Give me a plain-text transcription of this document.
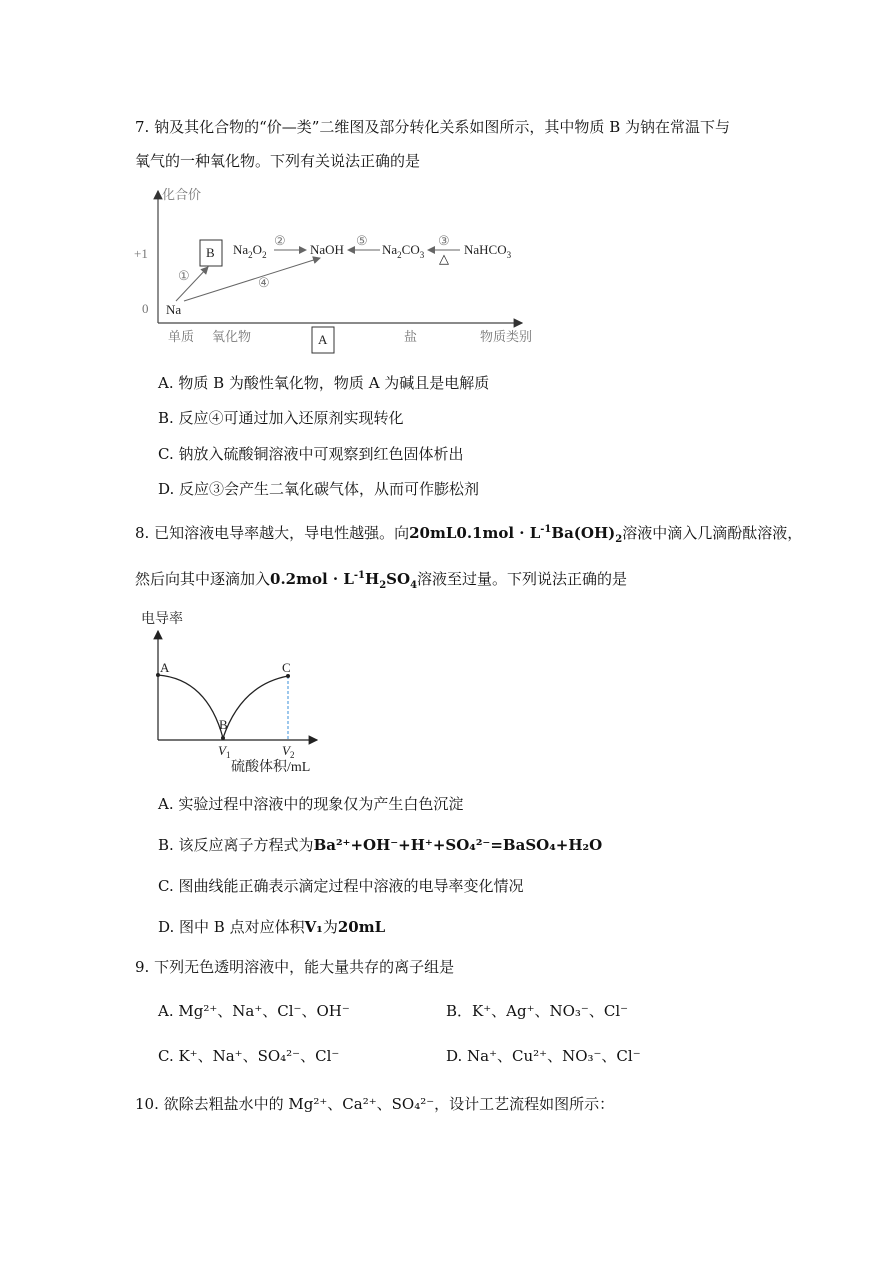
7. 钠及其化合物的“价—类”二维图及部分转化关系如图所示，其中物质 B 为钠在常温下与
氧气的一种氧化物。下列有关说法正确的是
化合价
+1
0
单质 氧化物	A	盐	物质类别
Na
B $Na_2O_2$	NaOH	$Na_2CO_3$	NaHCO$_3$
①
②
④
⑤	③
△
A. 物质 B 为酸性氧化物，物质 A 为碱且是电解质
B. 反应④可通过加入还原剂实现转化
C. 钠放入硫酸铜溶液中可观察到红色固体析出
D. 反应③会产生二氧化碳气体，从而可作膨松剂
8. 已知溶液电导率越大，导电性越强。向$20mL0.1mol \cdot L^{-1}Ba(OH)_2$溶液中滴入几滴酚酞溶液，
然后向其中逐滴加入$0.2mol \cdot L^{-1}H_2SO_4$溶液至过量。下列说法正确的是
电导率
A
B
C
$V_1$	$V_2$
硫酸体积/mL
A. 实验过程中溶液中的现象仅为产生白色沉淀
B. 该反应离子方程式为Ba²⁺+OH⁻+H⁺+SO₄²⁻=BaSO₄+H₂O
C. 图曲线能正确表示滴定过程中溶液的电导率变化情况
D. 图中 B 点对应体积V₁为20mL
9. 下列无色透明溶液中，能大量共存的离子组是
A. Mg²⁺、Na⁺、Cl⁻、OH⁻	B．K⁺、Ag⁺、NO₃⁻、Cl⁻
C. K⁺、Na⁺、SO₄²⁻、Cl⁻	D. Na⁺、Cu²⁺、NO₃⁻、Cl⁻
10. 欲除去粗盐水中的 Mg²⁺、Ca²⁺、SO₄²⁻，设计工艺流程如图所示：
